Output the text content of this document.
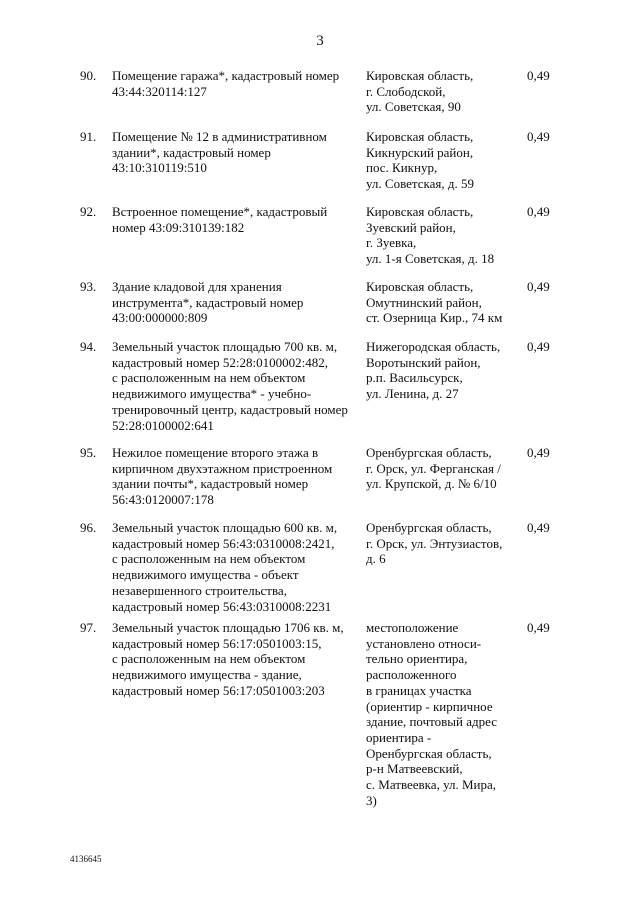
3
90. Помещение гаража*, кадастровый номер
43:44:320114:127
Кировская область,
г. Слободской,
ул. Советская, 90
0,49
91. Помещение № 12 в административном
здании*, кадастровый номер
43:10:310119:510
Кировская область,
Кикнурский район,
пос. Кикнур,
ул. Советская, д. 59
0,49
92. Встроенное помещение*, кадастровый
номер 43:09:310139:182
Кировская область,
Зуевский район,
г. Зуевка,
ул. 1-я Советская, д. 18
0,49
93. Здание кладовой для хранения
инструмента*, кадастровый номер
43:00:000000:809
Кировская область,
Омутнинский район,
ст. Озерница Кир., 74 км
0,49
94. Земельный участок площадью 700 кв. м,
кадастровый номер 52:28:0100002:482,
с расположенным на нем объектом
недвижимого имущества* - учебно-
тренировочный центр, кадастровый номер
52:28:0100002:641
Нижегородская область,
Воротынский район,
р.п. Васильсурск,
ул. Ленина, д. 27
0,49
95. Нежилое помещение второго этажа в
кирпичном двухэтажном пристроенном
здании почты*, кадастровый номер
56:43:0120007:178
Оренбургская область,
г. Орск, ул. Ферганская /
ул. Крупской, д. № 6/10
0,49
96. Земельный участок площадью 600 кв. м,
кадастровый номер 56:43:0310008:2421,
с расположенным на нем объектом
недвижимого имущества - объект
незавершенного строительства,
кадастровый номер 56:43:0310008:2231
Оренбургская область,
г. Орск, ул. Энтузиастов,
д. 6
0,49
97. Земельный участок площадью 1706 кв. м,
кадастровый номер 56:17:0501003:15,
с расположенным на нем объектом
недвижимого имущества - здание,
кадастровый номер 56:17:0501003:203
местоположение
установлено относи-
тельно ориентира,
расположенного
в границах участка
(ориентир - кирпичное
здание, почтовый адрес
ориентира -
Оренбургская область,
р-н Матвеевский,
с. Матвеевка, ул. Мира,
3)
0,49
4136645
